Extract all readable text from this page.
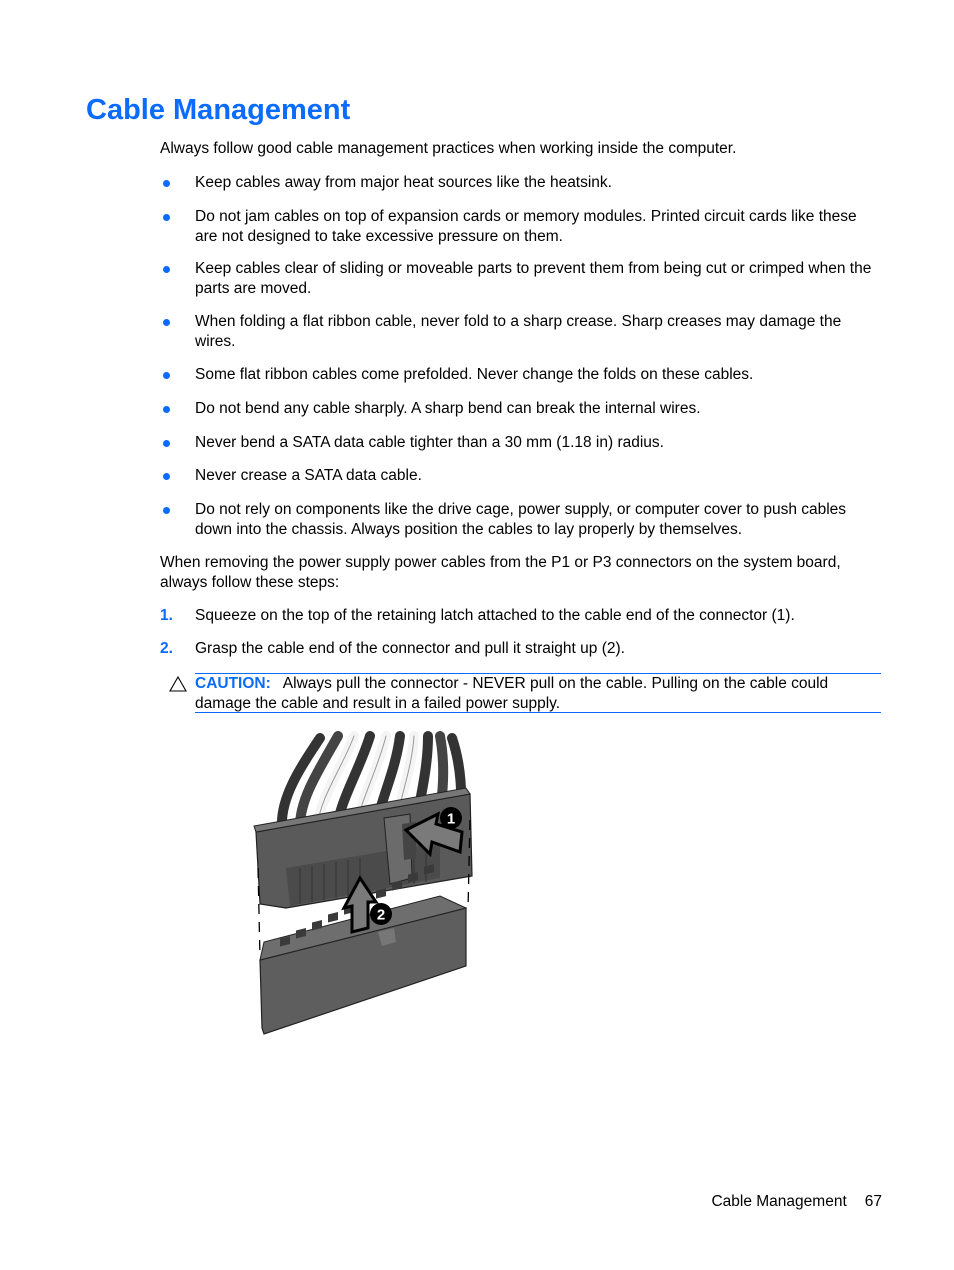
Cable Management
Always follow good cable management practices when working inside the computer.
Keep cables away from major heat sources like the heatsink.
Do not jam cables on top of expansion cards or memory modules. Printed circuit cards like these are not designed to take excessive pressure on them.
Keep cables clear of sliding or moveable parts to prevent them from being cut or crimped when the parts are moved.
When folding a flat ribbon cable, never fold to a sharp crease. Sharp creases may damage the wires.
Some flat ribbon cables come prefolded. Never change the folds on these cables.
Do not bend any cable sharply. A sharp bend can break the internal wires.
Never bend a SATA data cable tighter than a 30 mm (1.18 in) radius.
Never crease a SATA data cable.
Do not rely on components like the drive cage, power supply, or computer cover to push cables down into the chassis. Always position the cables to lay properly by themselves.
When removing the power supply power cables from the P1 or P3 connectors on the system board, always follow these steps:
1. Squeeze on the top of the retaining latch attached to the cable end of the connector (1).
2. Grasp the cable end of the connector and pull it straight up (2).
CAUTION: Always pull the connector - NEVER pull on the cable. Pulling on the cable could damage the cable and result in a failed power supply.
1
2
Cable Management 67
